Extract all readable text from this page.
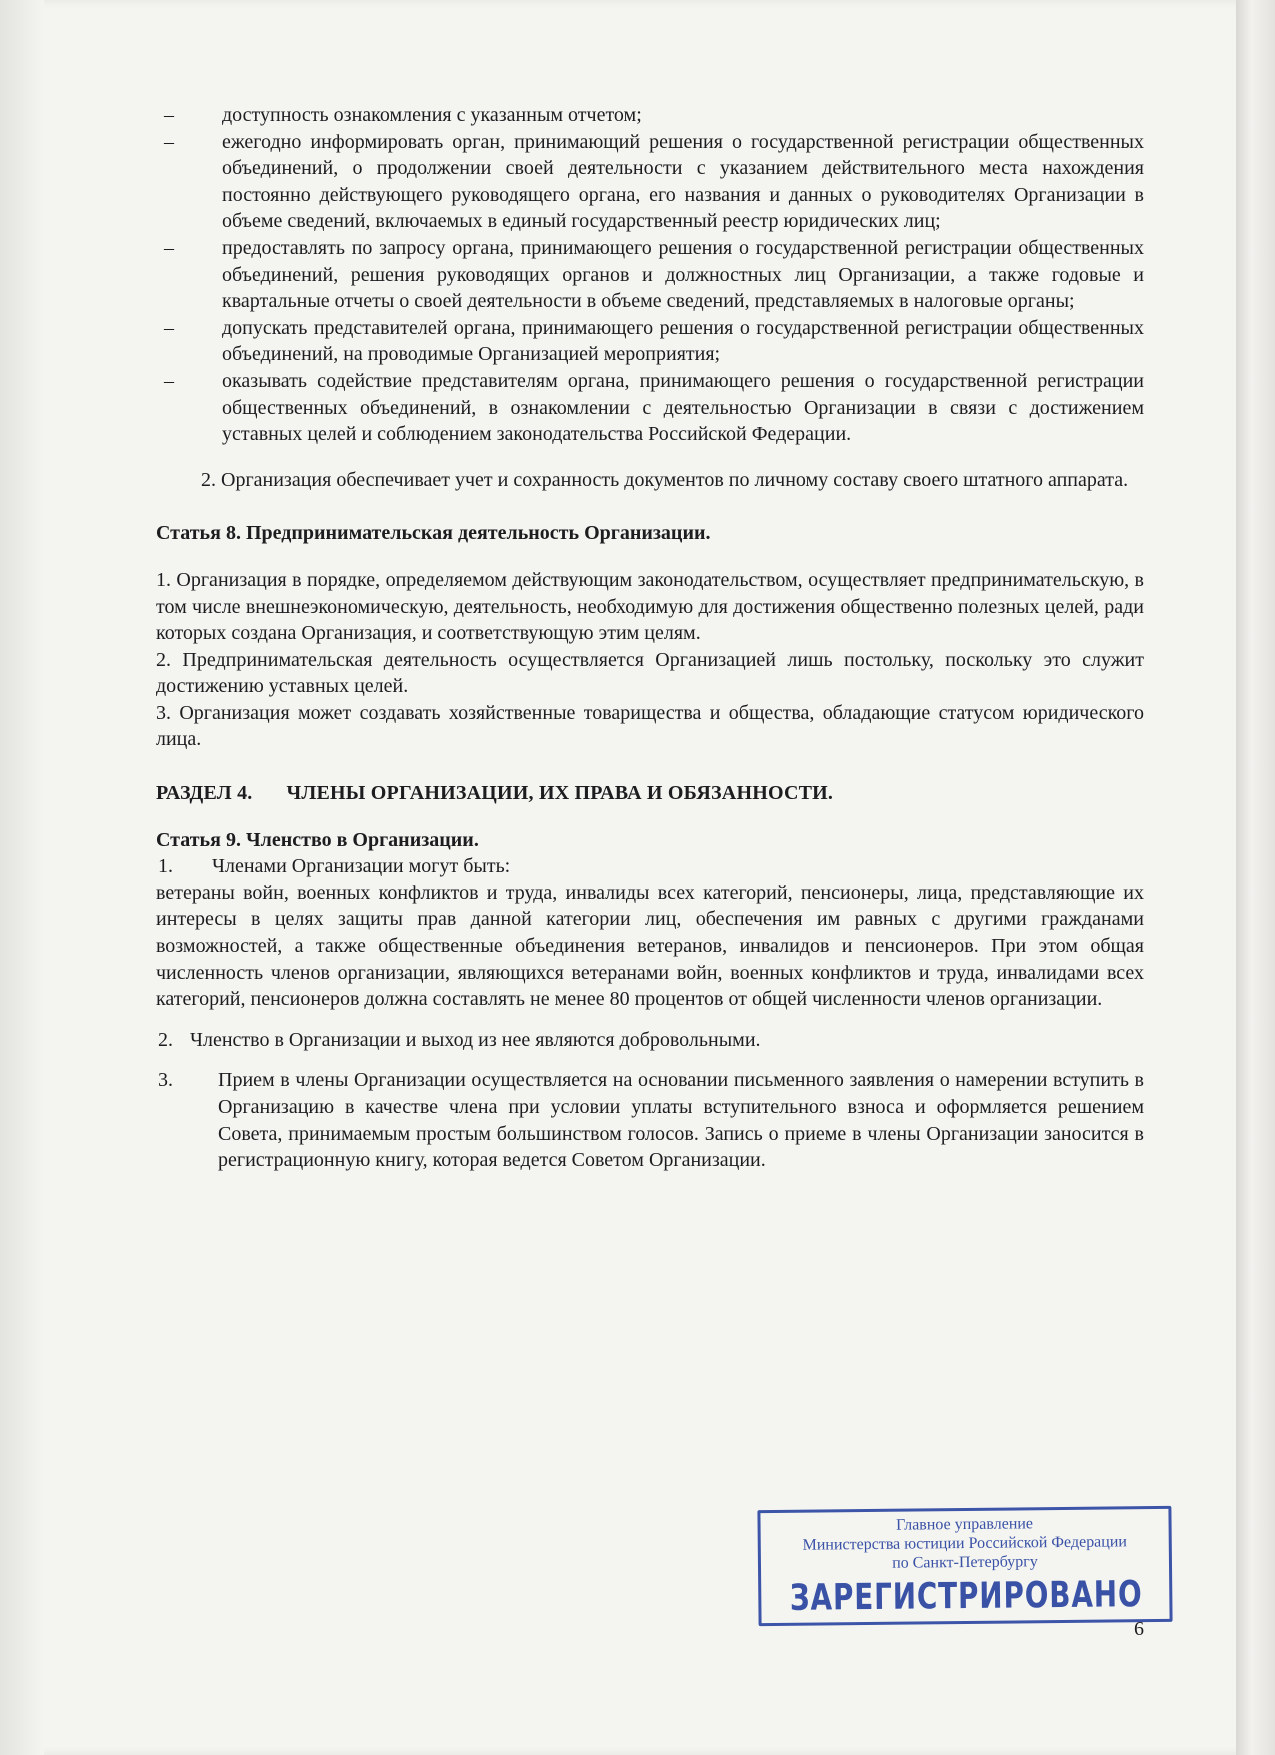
– доступность ознакомления с указанным отчетом;
– ежегодно информировать орган, принимающий решения о государственной регистрации общественных объединений, о продолжении своей деятельности с указанием действительного места нахождения постоянно действующего руководящего органа, его названия и данных о руководителях Организации в объеме сведений, включаемых в единый государственный реестр юридических лиц;
– предоставлять по запросу органа, принимающего решения о государственной регистрации общественных объединений, решения руководящих органов и должностных лиц Организации, а также годовые и квартальные отчеты о своей деятельности в объеме сведений, представляемых в налоговые органы;
– допускать представителей органа, принимающего решения о государственной регистрации общественных объединений, на проводимые Организацией мероприятия;
– оказывать содействие представителям органа, принимающего решения о государственной регистрации общественных объединений, в ознакомлении с деятельностью Организации в связи с достижением уставных целей и соблюдением законодательства Российской Федерации.

2. Организация обеспечивает учет и сохранность документов по личному составу своего штатного аппарата.

Статья 8. Предпринимательская деятельность Организации.

1. Организация в порядке, определяемом действующим законодательством, осуществляет предпринимательскую, в том числе внешнеэкономическую, деятельность, необходимую для достижения общественно полезных целей, ради которых создана Организация, и соответствующую этим целям.

2. Предпринимательская деятельность осуществляется Организацией лишь постольку, поскольку это служит достижению уставных целей.

3. Организация может создавать хозяйственные товарищества и общества, обладающие статусом юридического лица.

РАЗДЕЛ 4. ЧЛЕНЫ ОРГАНИЗАЦИИ, ИХ ПРАВА И ОБЯЗАННОСТИ.

Статья 9. Членство в Организации.

1. Членами Организации могут быть:

ветераны войн, военных конфликтов и труда, инвалиды всех категорий, пенсионеры, лица, представляющие их интересы в целях защиты прав данной категории лиц, обеспечения им равных с другими гражданами возможностей, а также общественные объединения ветеранов, инвалидов и пенсионеров. При этом общая численность членов организации, являющихся ветеранами войн, военных конфликтов и труда, инвалидами всех категорий, пенсионеров должна составлять не менее 80 процентов от общей численности членов организации.

2. Членство в Организации и выход из нее являются добровольными.

3. Прием в члены Организации осуществляется на основании письменного заявления о намерении вступить в Организацию в качестве члена при условии уплаты вступительного взноса и оформляется решением Совета, принимаемым простым большинством голосов. Запись о приеме в члены Организации заносится в регистрационную книгу, которая ведется Советом Организации.

Главное управление
Министерства юстиции Российской Федерации
по Санкт-Петербургу
ЗАРЕГИСТРИРОВАНО
6
